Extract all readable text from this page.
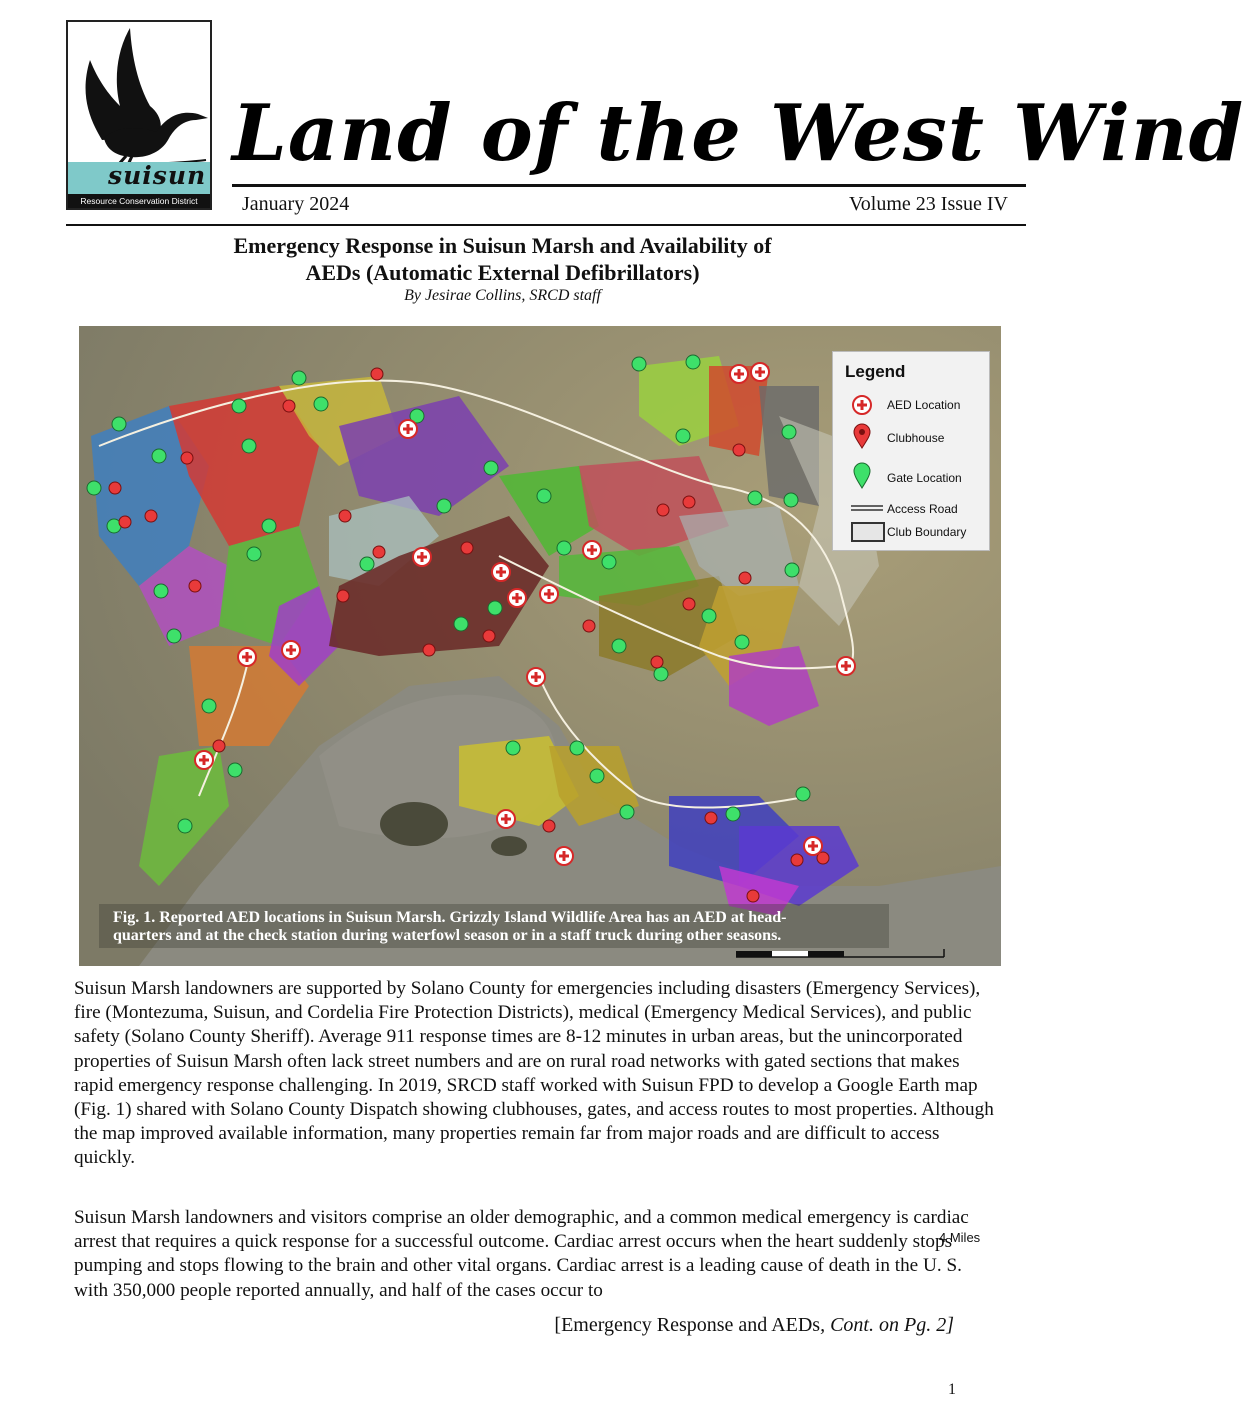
suisun
Resource Conservation District
Land of the West Wind
January 2024	Volume 23 Issue IV
Emergency Response in Suisun Marsh and Availability of
AEDs (Automatic External Defibrillators)
By Jesirae Collins, SRCD staff
Legend
AED Location
Clubhouse
Gate Location
Access Road
Club Boundary
4 Miles
Fig. 1. Reported AED locations in Suisun Marsh. Grizzly Island Wildlife Area has an AED at head-
quarters and at the check station during waterfowl season or in a staff truck during other seasons.
Suisun Marsh landowners are supported by Solano County for emergencies including disasters (Emergency Services), fire (Montezuma, Suisun, and Cordelia Fire Protection Districts), medical (Emergency Medical Services), and public safety (Solano County Sheriff). Average 911 response times are 8-12 minutes in urban areas, but the unincorporated properties of Suisun Marsh often lack street numbers and are on rural road networks with gated sections that makes rapid emergency response challenging. In 2019, SRCD staff worked with Suisun FPD to develop a Google Earth map (Fig. 1) shared with Solano County Dispatch showing clubhouses, gates, and access routes to most properties. Although the map improved available information, many properties remain far from major roads and are difficult to access quickly.
Suisun Marsh landowners and visitors comprise an older demographic, and a common medical emergency is cardiac arrest that requires a quick response for a successful outcome. Cardiac arrest occurs when the heart suddenly stops pumping and stops flowing to the brain and other vital organs. Cardiac arrest is a leading cause of death in the U. S. with 350,000 people reported annually, and half of the cases occur to
[Emergency Response and AEDs, Cont. on Pg. 2]
1
